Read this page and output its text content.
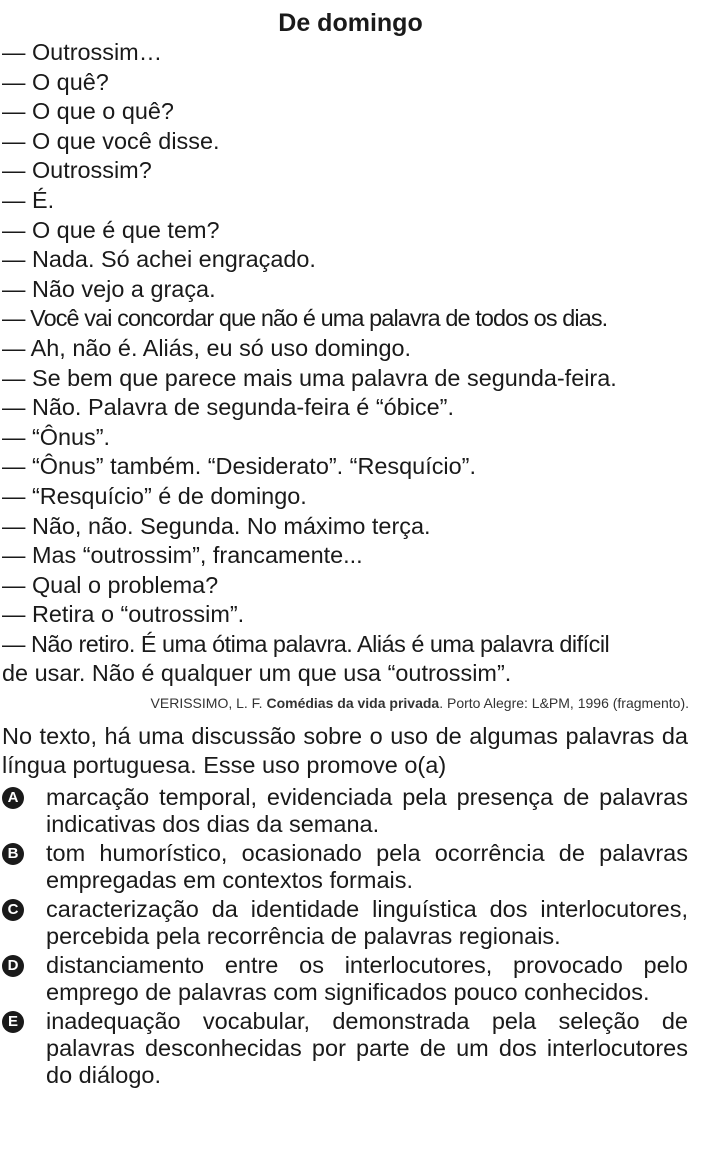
De domingo
— Outrossim…
— O quê?
— O que o quê?
— O que você disse.
— Outrossim?
— É.
— O que é que tem?
— Nada. Só achei engraçado.
— Não vejo a graça.
— Você vai concordar que não é uma palavra de todos os dias.
— Ah, não é. Aliás, eu só uso domingo.
— Se bem que parece mais uma palavra de segunda-feira.
— Não. Palavra de segunda-feira é “óbice”.
— “Ônus”.
— “Ônus” também. “Desiderato”. “Resquício”.
— “Resquício” é de domingo.
— Não, não. Segunda. No máximo terça.
— Mas “outrossim”, francamente...
— Qual o problema?
— Retira o “outrossim”.
— Não retiro. É uma ótima palavra. Aliás é uma palavra difícil
de usar. Não é qualquer um que usa “outrossim”.
VERISSIMO, L. F. Comédias da vida privada. Porto Alegre: L&PM, 1996 (fragmento).
No texto, há uma discussão sobre o uso de algumas palavras da língua portuguesa. Esse uso promove o(a)
A marcação temporal, evidenciada pela presença de palavras indicativas dos dias da semana.
B tom humorístico, ocasionado pela ocorrência de palavras empregadas em contextos formais.
C caracterização da identidade linguística dos interlocutores, percebida pela recorrência de palavras regionais.
D distanciamento entre os interlocutores, provocado pelo emprego de palavras com significados pouco conhecidos.
E inadequação vocabular, demonstrada pela seleção de palavras desconhecidas por parte de um dos interlocutores do diálogo.
